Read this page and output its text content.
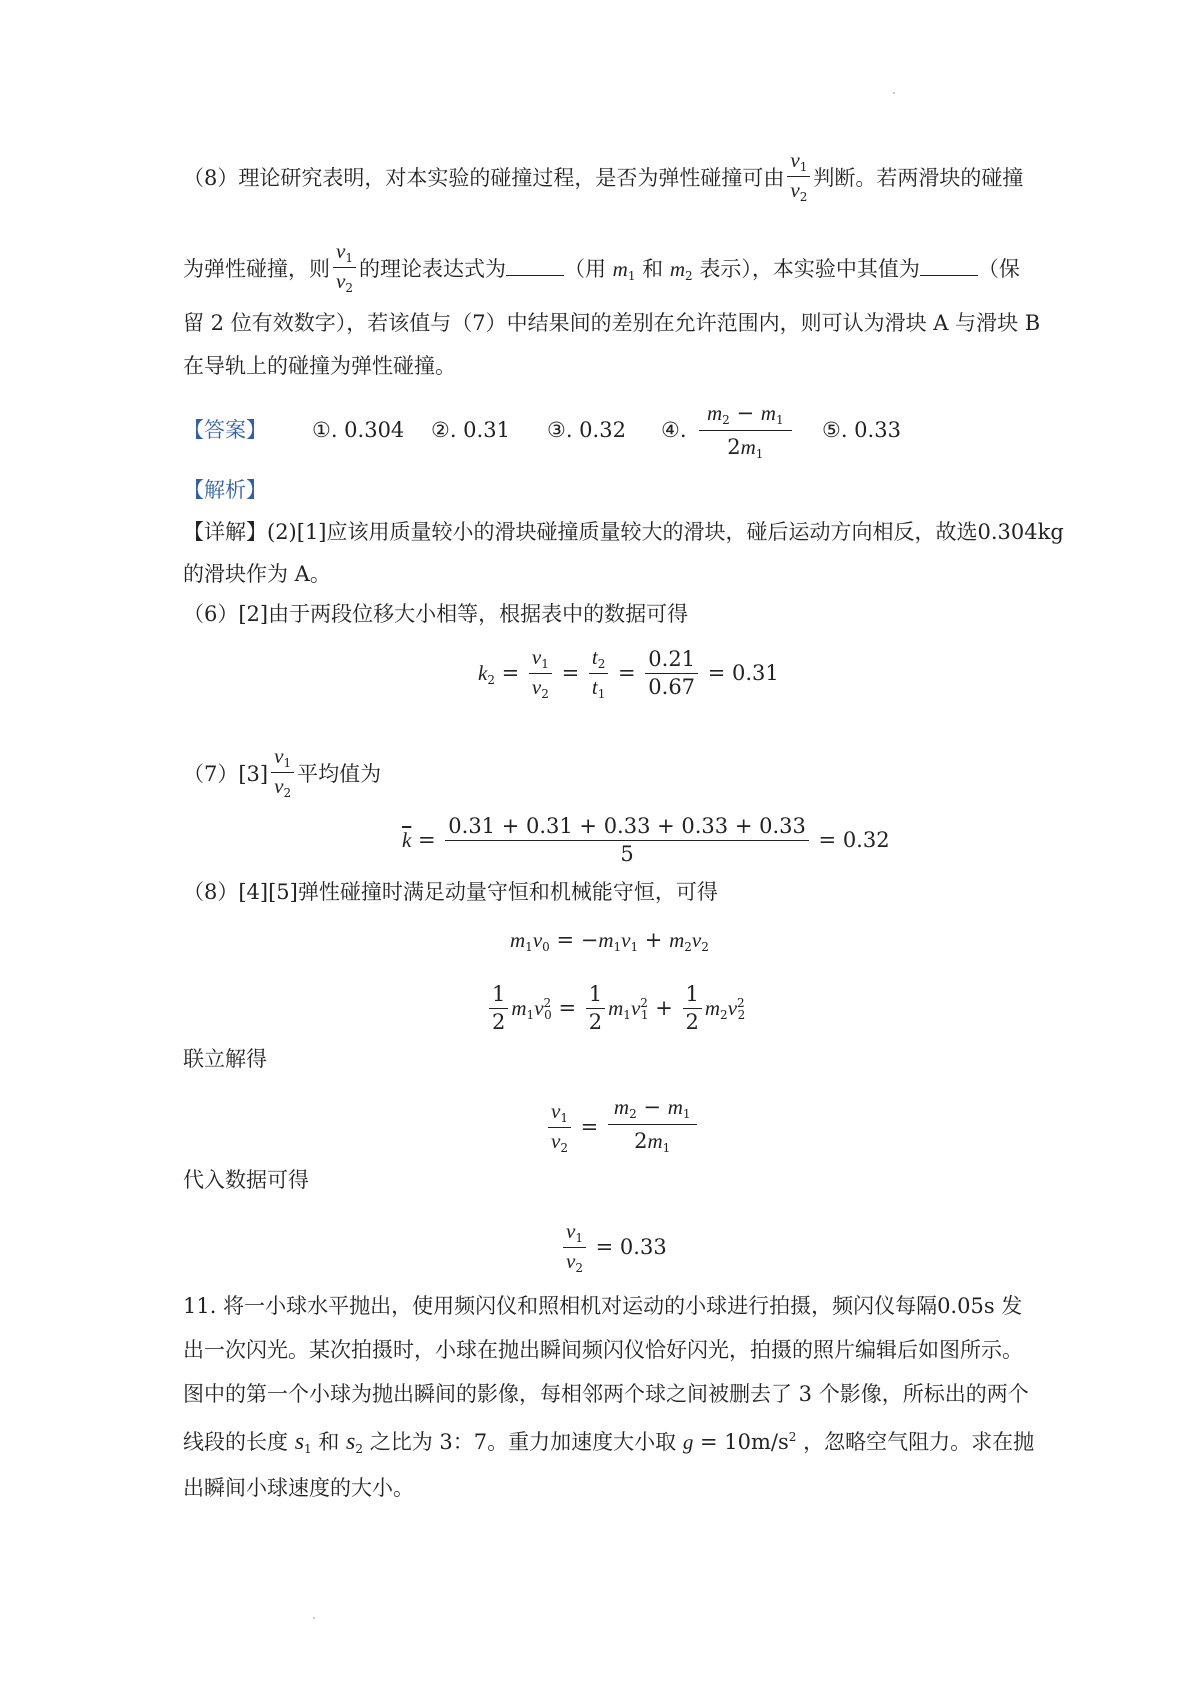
（8）理论研究表明，对本实验的碰撞过程，是否为弹性碰撞可由 $\frac{v_1}{v_2}$ 判断。若两滑块的碰撞
为弹性碰撞，则 $\frac{v_1}{v_2}$ 的理论表达式为	（用 $m_1$ 和 $m_2$ 表示），本实验中其值为	（保
留 2 位有效数字），若该值与（7）中结果间的差别在允许范围内，则可认为滑块 A 与滑块 B
在导轨上的碰撞为弹性碰撞。
【答案】 ①. 0.304 ②. 0.31 ③. 0.32 ④. $\frac{m_2 - m_1}{2m_1}$ ⑤. 0.33
【解析】
【详解】(2)[1]应该用质量较小的滑块碰撞质量较大的滑块，碰后运动方向相反，故选0.304kg
的滑块作为 A。
（6）[2]由于两段位移大小相等，根据表中的数据可得
$k_2 = \frac{v_1}{v_2} = \frac{t_2}{t_1} = \frac{0.21}{0.67} = 0.31$
$(7)[3] \frac{v_1}{v_2}$ 平均值为
$\overline{k} = \frac{0.31 + 0.31 + 0.33 + 0.33 + 0.33}{5} = 0.32$
（8）[4][5]弹性碰撞时满足动量守恒和机械能守恒，可得
$m_1v_0 = -m_1v_1 + m_2v_2$
$\frac{1}{2} m_1v^2_0 = \frac{1}{2} m_1v^2_1 + \frac{1}{2} m_2v^2_2$
联立解得
$\frac{v_1}{v_2} = \frac{m_2 - m_1}{2m_1}$
代入数据可得
$\frac{v_1}{v_2} = 0.33$
11. 将一小球水平抛出，使用频闪仪和照相机对运动的小球进行拍摄，频闪仪每隔0.05s 发
出一次闪光。某次拍摄时，小球在抛出瞬间频闪仪恰好闪光，拍摄的照片编辑后如图所示。
图中的第一个小球为抛出瞬间的影像，每相邻两个球之间被删去了 3 个影像，所标出的两个
线段的长度 $s_1$ 和 $s_2$ 之比为 3：7。重力加速度大小取 $g = 10m/s^2$ ，忽略空气阻力。求在抛
出瞬间小球速度的大小。
